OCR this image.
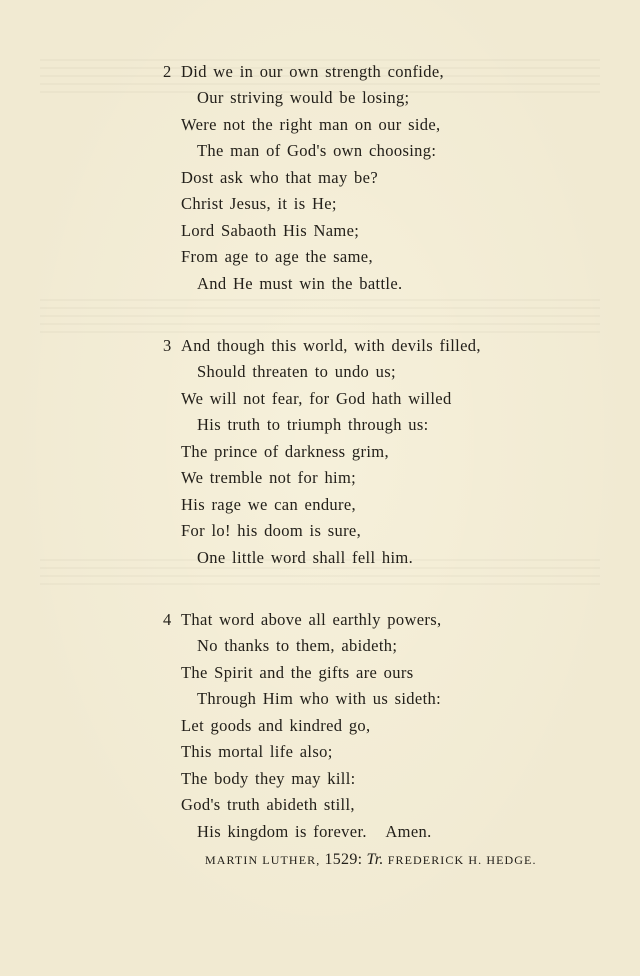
2 Did we in our own strength confide,
Our striving would be losing;
Were not the right man on our side,
The man of God's own choosing:
Dost ask who that may be?
Christ Jesus, it is He;
Lord Sabaoth His Name;
From age to age the same,
And He must win the battle.
3 And though this world, with devils filled,
Should threaten to undo us;
We will not fear, for God hath willed
His truth to triumph through us:
The prince of darkness grim,
We tremble not for him;
His rage we can endure,
For lo! his doom is sure,
One little word shall fell him.
4 That word above all earthly powers,
No thanks to them, abideth;
The Spirit and the gifts are ours
Through Him who with us sideth:
Let goods and kindred go,
This mortal life also;
The body they may kill:
God's truth abideth still,
His kingdom is forever.   Amen.
MARTIN LUTHER, 1529: Tr. FREDERICK H. HEDGE.
